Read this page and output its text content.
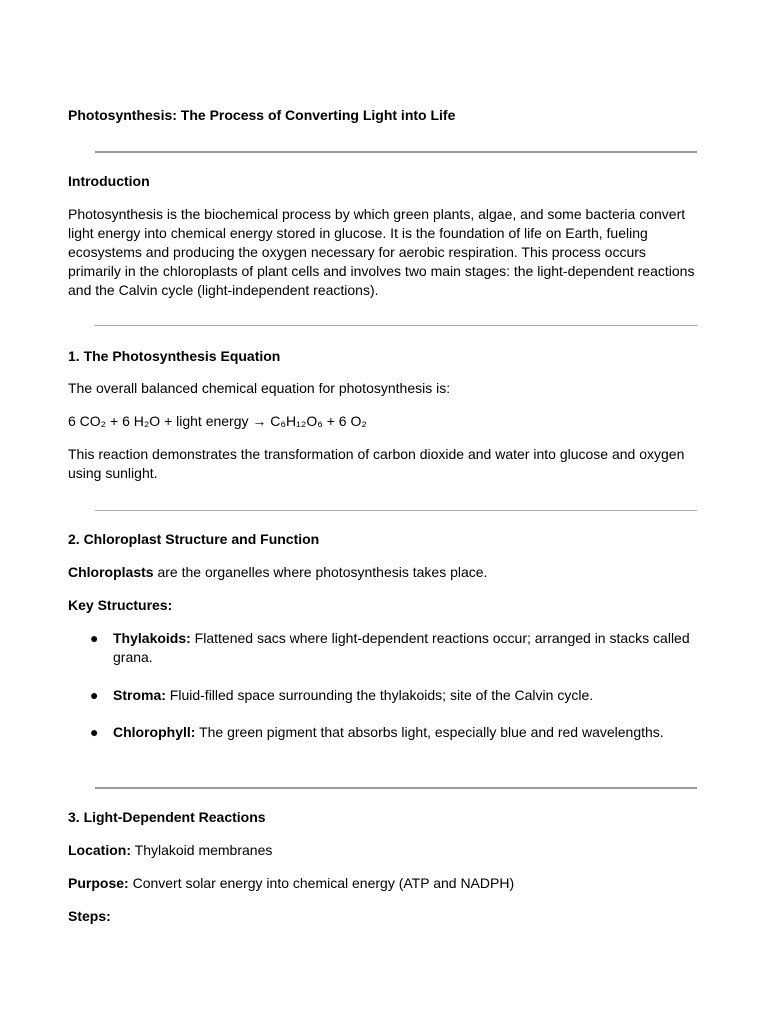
Photosynthesis: The Process of Converting Light into Life

Introduction

Photosynthesis is the biochemical process by which green plants, algae, and some bacteria convert light energy into chemical energy stored in glucose. It is the foundation of life on Earth, fueling ecosystems and producing the oxygen necessary for aerobic respiration. This process occurs primarily in the chloroplasts of plant cells and involves two main stages: the light-dependent reactions and the Calvin cycle (light-independent reactions).

1. The Photosynthesis Equation

The overall balanced chemical equation for photosynthesis is:

6 CO₂ + 6 H₂O + light energy → C₆H₁₂O₆ + 6 O₂

This reaction demonstrates the transformation of carbon dioxide and water into glucose and oxygen using sunlight.

2. Chloroplast Structure and Function

Chloroplasts are the organelles where photosynthesis takes place.

Key Structures:

● Thylakoids: Flattened sacs where light-dependent reactions occur; arranged in stacks called grana.

● Stroma: Fluid-filled space surrounding the thylakoids; site of the Calvin cycle.

● Chlorophyll: The green pigment that absorbs light, especially blue and red wavelengths.

3. Light-Dependent Reactions

Location: Thylakoid membranes

Purpose: Convert solar energy into chemical energy (ATP and NADPH)

Steps:
